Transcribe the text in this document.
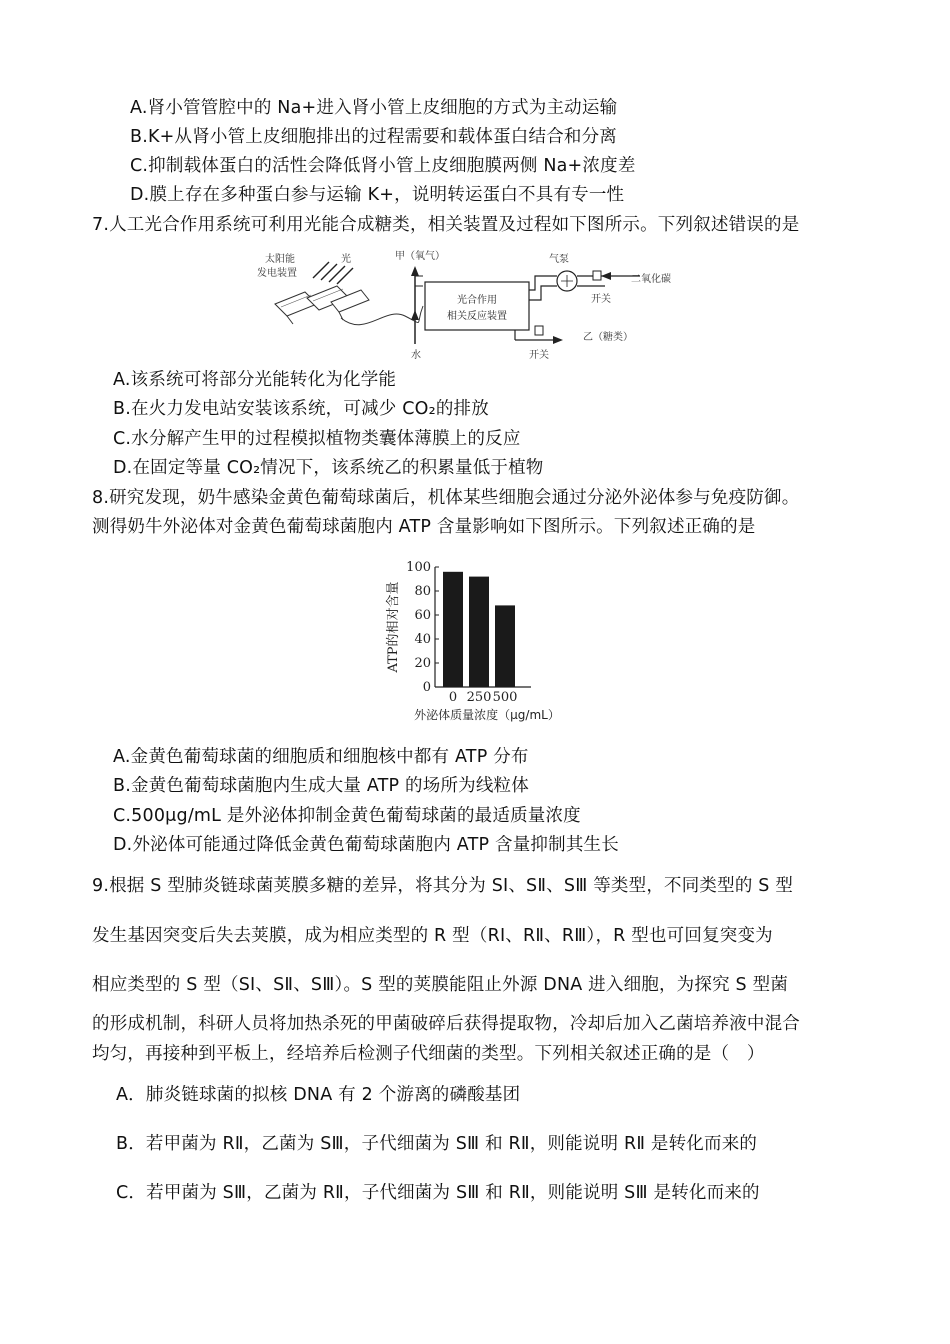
A.肾小管管腔中的 Na+进入肾小管上皮细胞的方式为主动运输
B.K+从肾小管上皮细胞排出的过程需要和载体蛋白结合和分离
C.抑制载体蛋白的活性会降低肾小管上皮细胞膜两侧 Na+浓度差
D.膜上存在多种蛋白参与运输 K+，说明转运蛋白不具有专一性
7.人工光合作用系统可利用光能合成糖类，相关装置及过程如下图所示。下列叙述错误的是
太阳能
发电装置
光	甲（氧气）
水
光合作用
相关反应装置
气泵
开关
二氧化碳
开关
乙（糖类）
A.该系统可将部分光能转化为化学能
B.在火力发电站安装该系统，可减少 CO₂的排放
C.水分解产生甲的过程模拟植物类囊体薄膜上的反应
D.在固定等量 CO₂情况下，该系统乙的积累量低于植物
8.研究发现，奶牛感染金黄色葡萄球菌后，机体某些细胞会通过分泌外泌体参与免疫防御。
测得奶牛外泌体对金黄色葡萄球菌胞内 ATP 含量影响如下图所示。下列叙述正确的是
ATP的相对含量
外泌体质量浓度（μg/mL）
0
20
40
60
80
100
0 250 500
A.金黄色葡萄球菌的细胞质和细胞核中都有 ATP 分布
B.金黄色葡萄球菌胞内生成大量 ATP 的场所为线粒体
C.500μg/mL 是外泌体抑制金黄色葡萄球菌的最适质量浓度
D.外泌体可能通过降低金黄色葡萄球菌胞内 ATP 含量抑制其生长
9.根据 S 型肺炎链球菌荚膜多糖的差异，将其分为 SⅠ、SⅡ、SⅢ 等类型，不同类型的 S 型
发生基因突变后失去荚膜，成为相应类型的 R 型（RⅠ、RⅡ、RⅢ），R 型也可回复突变为
相应类型的 S 型（SⅠ、SⅡ、SⅢ）。S 型的荚膜能阻止外源 DNA 进入细胞，为探究 S 型菌
的形成机制，科研人员将加热杀死的甲菌破碎后获得提取物，冷却后加入乙菌培养液中混合
均匀，再接种到平板上，经培养后检测子代细菌的类型。下列相关叙述正确的是（　）
A．肺炎链球菌的拟核 DNA 有 2 个游离的磷酸基团
B．若甲菌为 RⅡ，乙菌为 SⅢ，子代细菌为 SⅢ 和 RⅡ，则能说明 RⅡ 是转化而来的
C．若甲菌为 SⅢ，乙菌为 RⅡ，子代细菌为 SⅢ 和 RⅡ，则能说明 SⅢ 是转化而来的
